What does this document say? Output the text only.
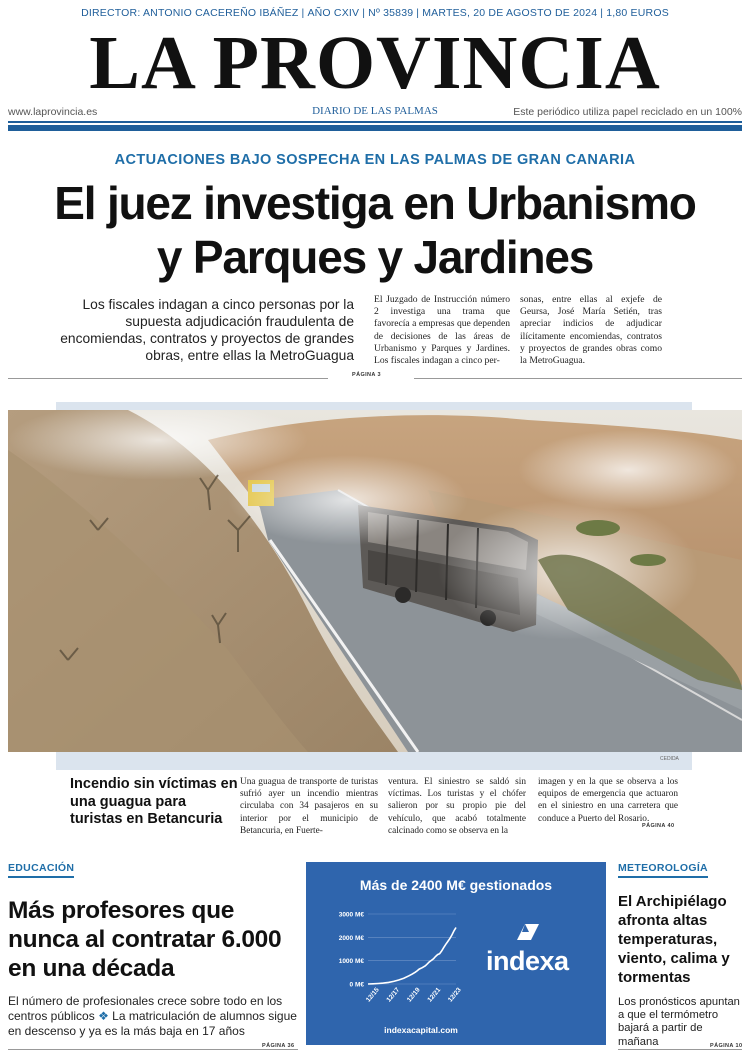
DIRECTOR: ANTONIO CACEREÑO IBÁÑEZ | AÑO CXIV | Nº 35839 | MARTES, 20 DE AGOSTO DE 2024 | 1,80 EUROS
LA PROVINCIA
www.laprovincia.es	DIARIO DE LAS PALMAS	Este periódico utiliza papel reciclado en un 100%
ACTUACIONES BAJO SOSPECHA EN LAS PALMAS DE GRAN CANARIA
El juez investiga en Urbanismo
y Parques y Jardines
Los fiscales indagan a cinco personas por la supuesta adjudicación fraudulenta de encomiendas, contratos y proyectos de grandes obras, entre ellas la MetroGuagua
El Juzgado de Instrucción número 2 investiga una trama que favorecía a empresas que dependen de decisiones de las áreas de Urbanismo y Parques y Jardines. Los fiscales indagan a cinco per-
sonas, entre ellas al exjefe de Geursa, José María Setién, tras apreciar indicios de adjudicar ilícitamente encomiendas, contratos y proyectos de grandes obras como la MetroGuagua.
PÁGINA 3
CEDIDA
Incendio sin víctimas en una guagua para turistas en Betancuria
Una guagua de transporte de turistas sufrió ayer un incendio mientras circulaba con 34 pasajeros en su interior por el municipio de Betancuria, en Fuerte-
ventura. El siniestro se saldó sin víctimas. Los turistas y el chófer salieron por su propio pie del vehículo, que acabó totalmente calcinado como se observa en la
imagen y en la que se observa a los equipos de emergencia que actuaron en el siniestro en una carretera que conduce a Puerto del Rosario.
PÁGINA 40
EDUCACIÓN
Más profesores que nunca al contratar 6.000 en una década
El número de profesionales crece sobre todo en los centros públicos ❖ La matriculación de alumnos sigue en descenso y ya es la más baja en 17 años
PÁGINA 36
Más de 2400 M€ gestionados
0 M€
1000 M€
2000 M€
3000 M€
12/15 12/17 12/19 12/21 12/23
indexa
indexacapital.com
METEOROLOGÍA
El Archipiélago afronta altas temperaturas, viento, calima y tormentas
Los pronósticos apuntan a que el termómetro bajará a partir de mañana	PÁGINA 10
